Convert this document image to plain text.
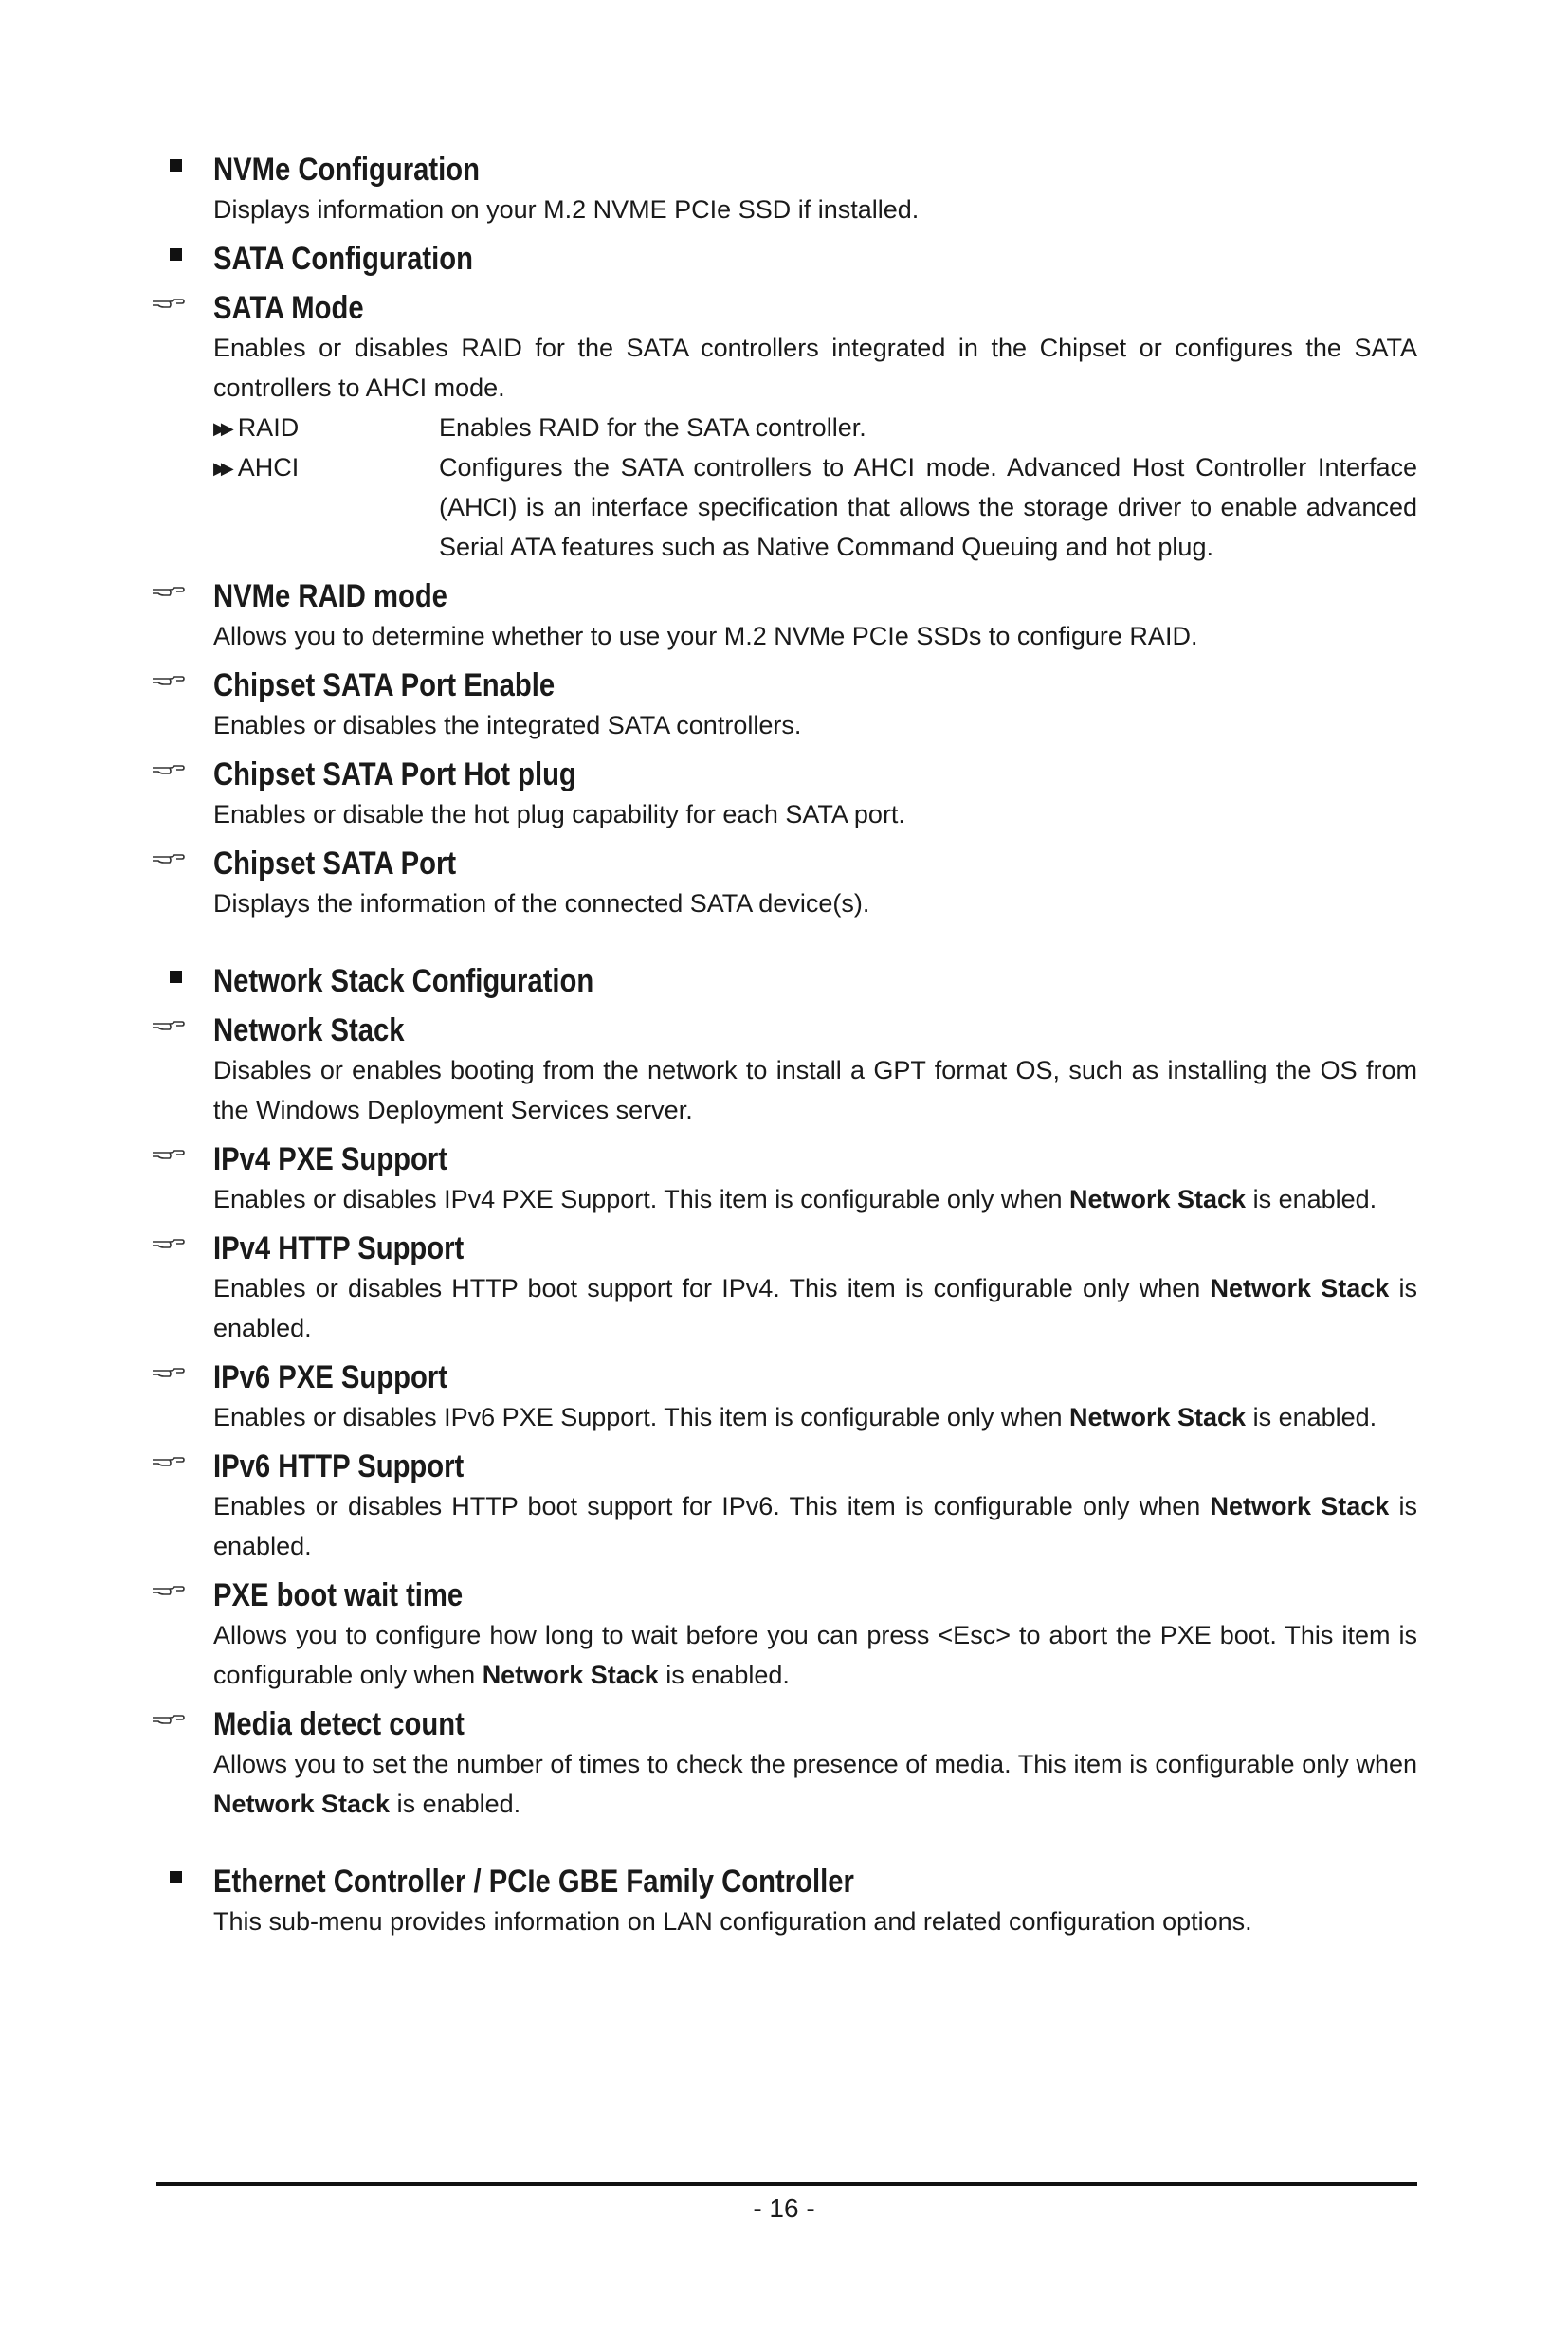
NVMe Configuration
Displays information on your M.2 NVME PCIe SSD if installed.
SATA Configuration
SATA Mode
Enables or disables RAID for the SATA controllers integrated in the Chipset or configures the SATA controllers to AHCI mode.
▶▶ RAID	Enables RAID for the SATA controller.
▶▶ AHCI	Configures the SATA controllers to AHCI mode. Advanced Host Controller Interface (AHCI) is an interface specification that allows the storage driver to enable advanced Serial ATA features such as Native Command Queuing and hot plug.
NVMe RAID mode
Allows you to determine whether to use your M.2 NVMe PCIe SSDs to configure RAID.
Chipset SATA Port Enable
Enables or disables the integrated SATA controllers.
Chipset SATA Port Hot plug
Enables or disable the hot plug capability for each SATA port.
Chipset SATA Port
Displays the information of the connected SATA device(s).
Network Stack Configuration
Network Stack
Disables or enables booting from the network to install a GPT format OS, such as installing the OS from the Windows Deployment Services server.
IPv4 PXE Support
Enables or disables IPv4 PXE Support. This item is configurable only when Network Stack is enabled.
IPv4 HTTP Support
Enables or disables HTTP boot support for IPv4. This item is configurable only when Network Stack is enabled.
IPv6 PXE Support
Enables or disables IPv6 PXE Support. This item is configurable only when Network Stack is enabled.
IPv6 HTTP Support
Enables or disables HTTP boot support for IPv6. This item is configurable only when Network Stack is enabled.
PXE boot wait time
Allows you to configure how long to wait before you can press <Esc> to abort the PXE boot. This item is configurable only when Network Stack is enabled.
Media detect count
Allows you to set the number of times to check the presence of media. This item is configurable only when Network Stack is enabled.
Ethernet Controller / PCIe GBE Family Controller
This sub-menu provides information on LAN configuration and related configuration options.
- 16 -
